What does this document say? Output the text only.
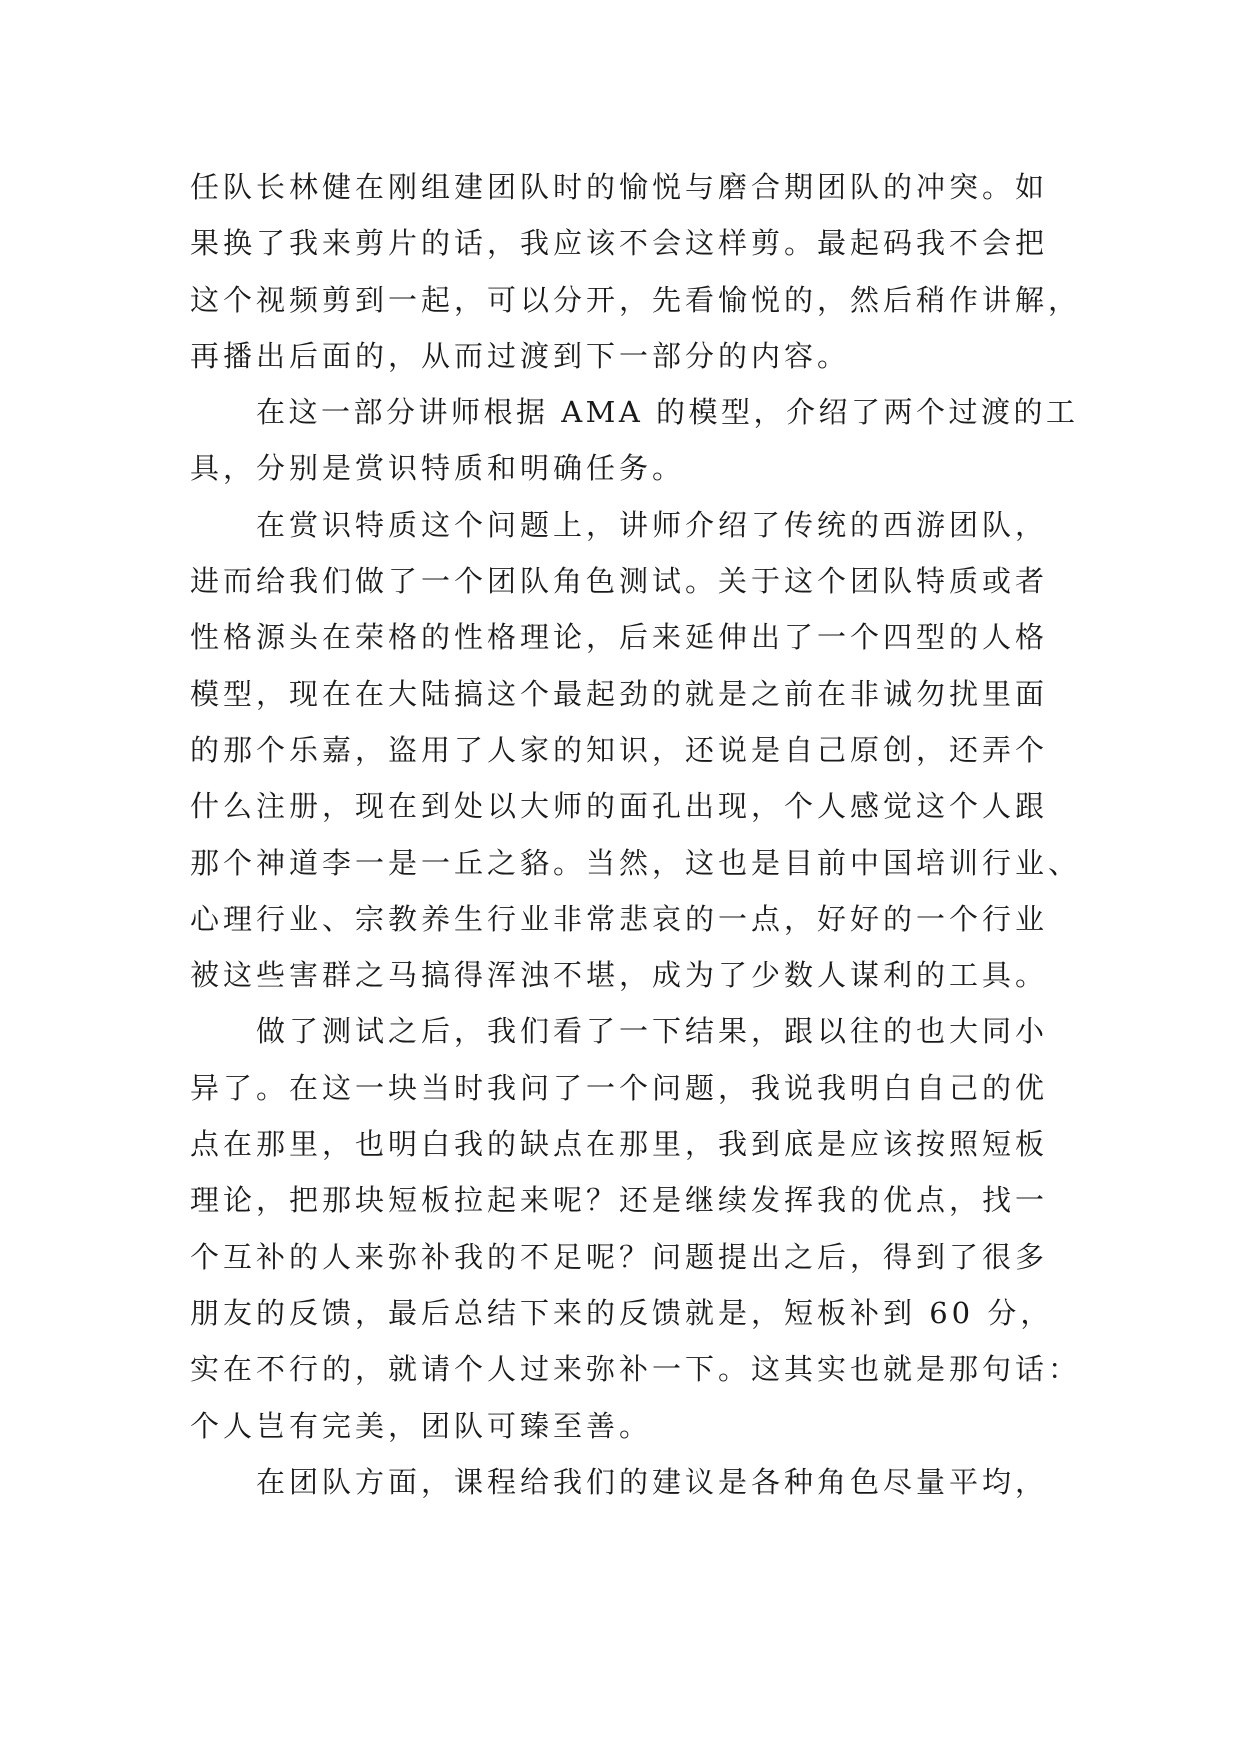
任队长林健在刚组建团队时的愉悦与磨合期团队的冲突。如
果换了我来剪片的话，我应该不会这样剪。最起码我不会把
这个视频剪到一起，可以分开，先看愉悦的，然后稍作讲解，
再播出后面的，从而过渡到下一部分的内容。
在这一部分讲师根据 AMA 的模型，介绍了两个过渡的工
具，分别是赏识特质和明确任务。
在赏识特质这个问题上，讲师介绍了传统的西游团队，
进而给我们做了一个团队角色测试。关于这个团队特质或者
性格源头在荣格的性格理论，后来延伸出了一个四型的人格
模型，现在在大陆搞这个最起劲的就是之前在非诚勿扰里面
的那个乐嘉，盗用了人家的知识，还说是自己原创，还弄个
什么注册，现在到处以大师的面孔出现，个人感觉这个人跟
那个神道李一是一丘之貉。当然，这也是目前中国培训行业、
心理行业、宗教养生行业非常悲哀的一点，好好的一个行业
被这些害群之马搞得浑浊不堪，成为了少数人谋利的工具。
做了测试之后，我们看了一下结果，跟以往的也大同小
异了。在这一块当时我问了一个问题，我说我明白自己的优
点在那里，也明白我的缺点在那里，我到底是应该按照短板
理论，把那块短板拉起来呢？还是继续发挥我的优点，找一
个互补的人来弥补我的不足呢？问题提出之后，得到了很多
朋友的反馈，最后总结下来的反馈就是，短板补到 60 分，
实在不行的，就请个人过来弥补一下。这其实也就是那句话：
个人岂有完美，团队可臻至善。
在团队方面，课程给我们的建议是各种角色尽量平均，
